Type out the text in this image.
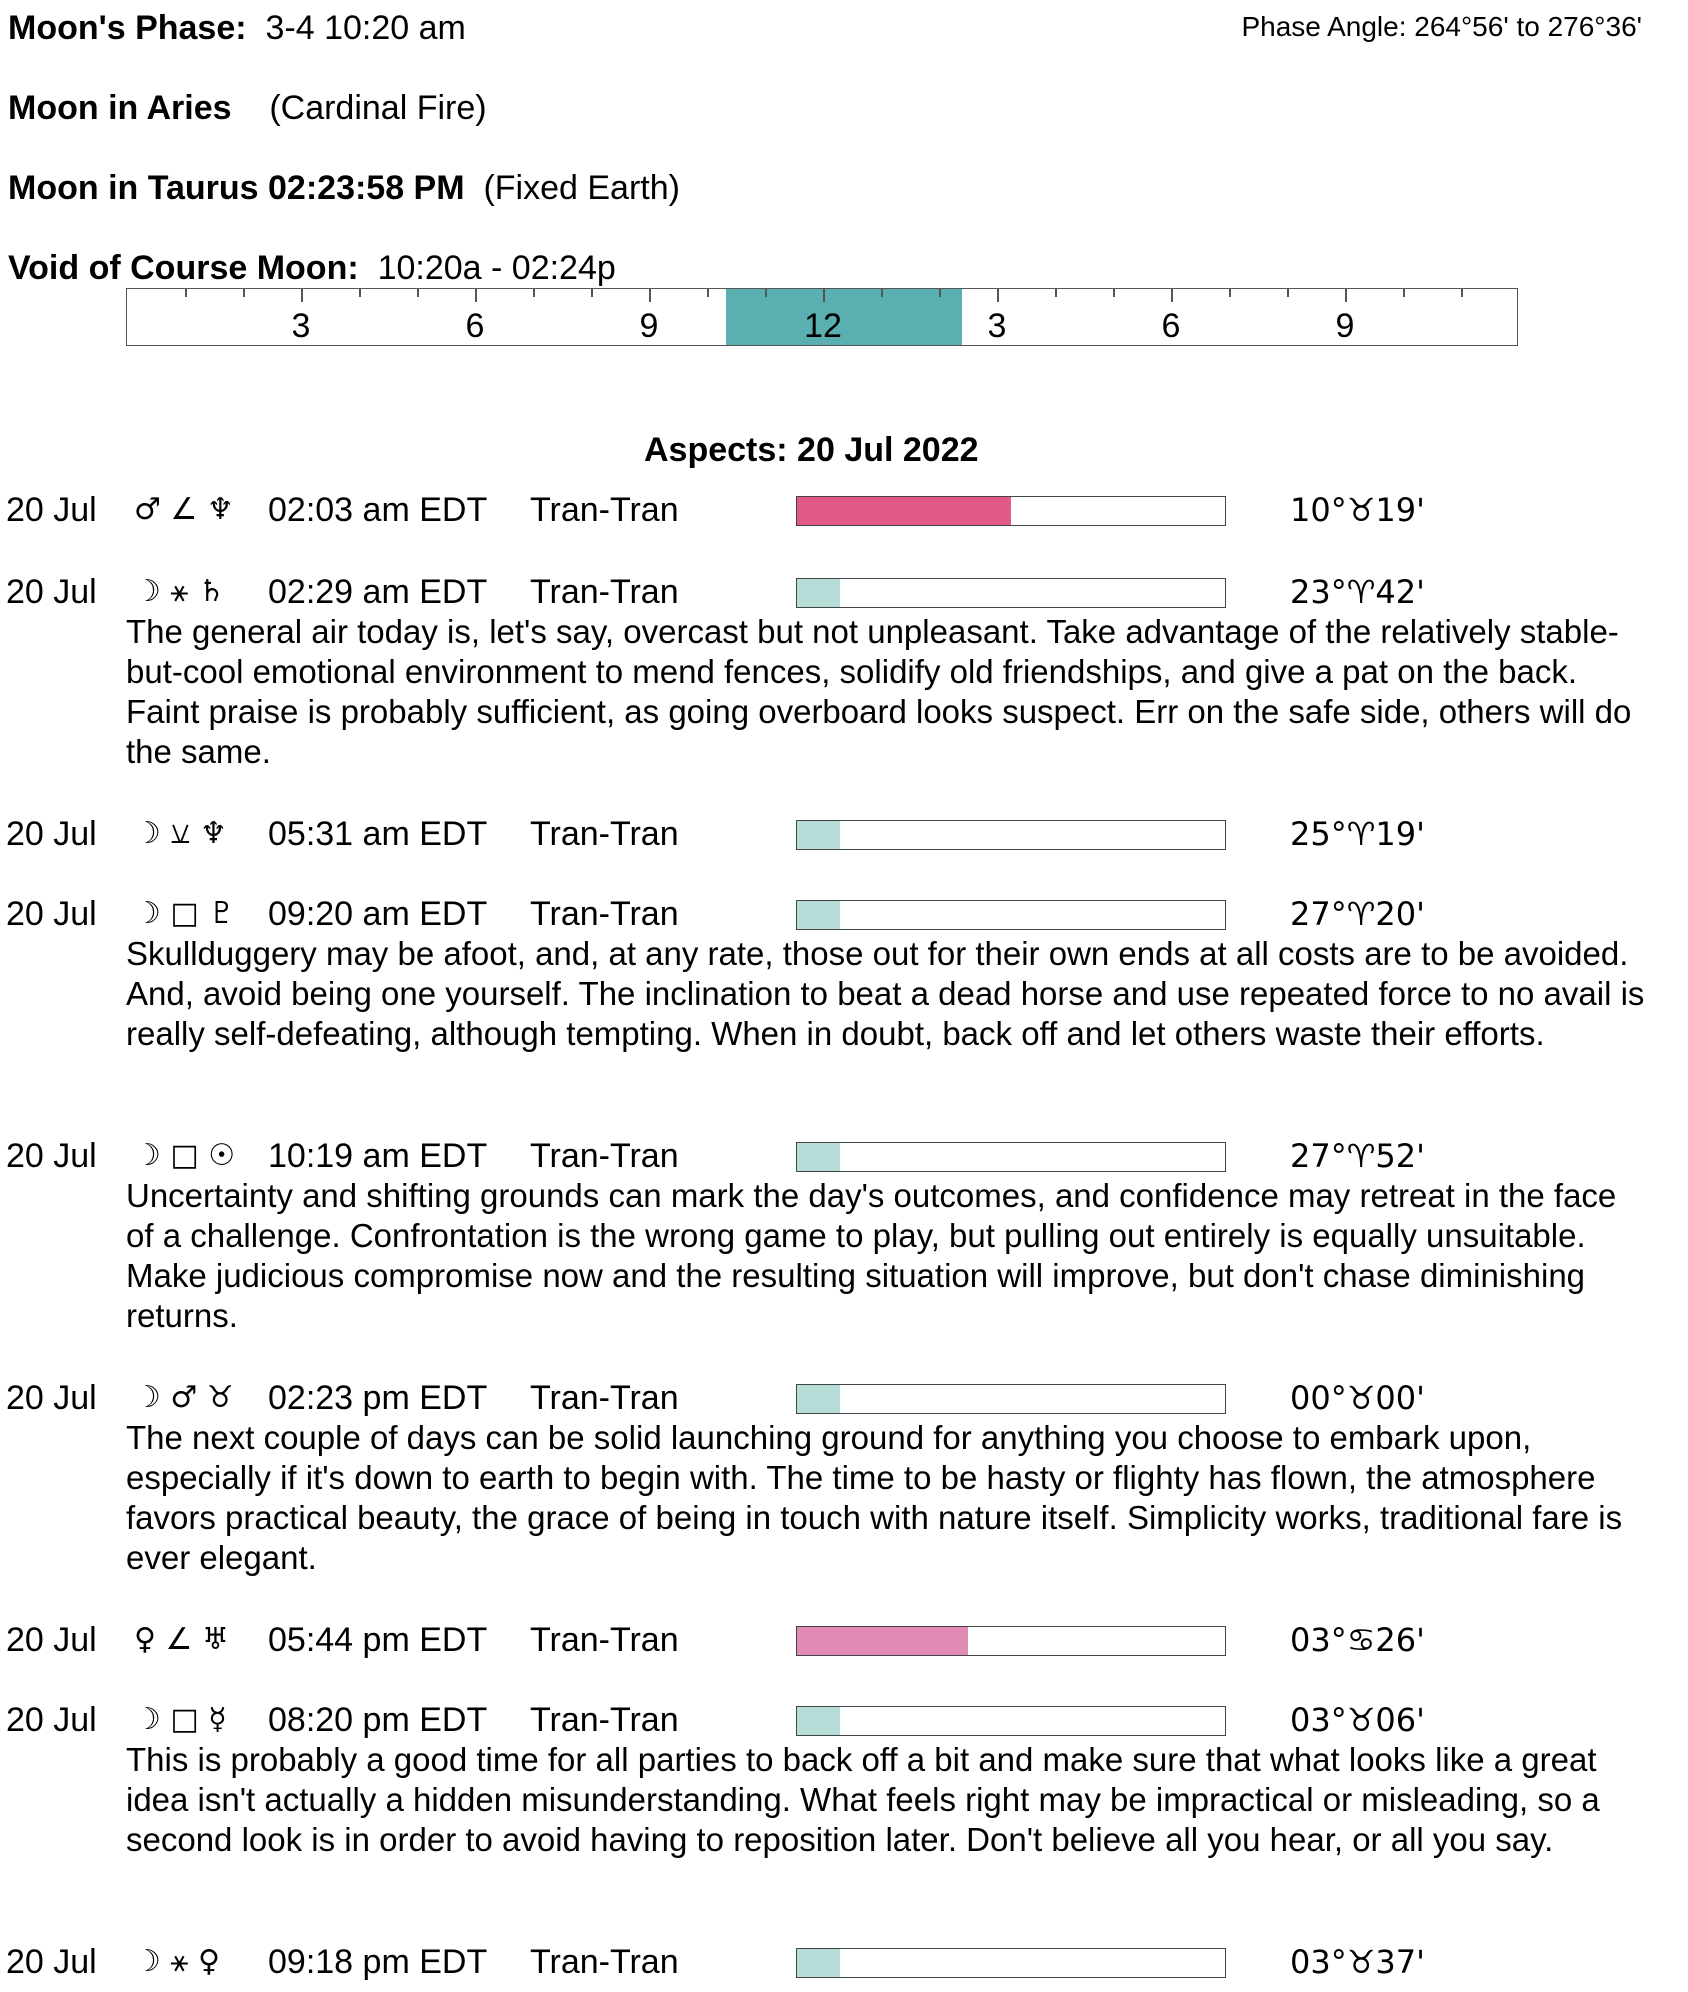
Moon's Phase: 3-4 10:20 am	Phase Angle: 264°56' to 276°36'
Moon in Aries (Cardinal Fire)
Moon in Taurus 02:23:58 PM (Fixed Earth)
Void of Course Moon: 10:20a - 02:24p
3	6	9	12	3	6	9
Aspects: 20 Jul 2022
20 Jul ♂ ∠ ♆ 02:03 am EDT Tran-Tran	10°♉19'
20 Jul ☽ ⚹ ♄ 02:29 am EDT Tran-Tran	23°♈42'
The general air today is, let's say, overcast but not unpleasant. Take advantage of the relatively stable-but-cool emotional environment to mend fences, solidify old friendships, and give a pat on the back. Faint praise is probably sufficient, as going overboard looks suspect. Err on the safe side, others will do the same.
20 Jul ☽ ⚺ ♆ 05:31 am EDT Tran-Tran	25°♈19'
20 Jul ☽ □ ♇ 09:20 am EDT Tran-Tran	27°♈20'
Skullduggery may be afoot, and, at any rate, those out for their own ends at all costs are to be avoided. And, avoid being one yourself. The inclination to beat a dead horse and use repeated force to no avail is really self-defeating, although tempting. When in doubt, back off and let others waste their efforts.
20 Jul ☽ □ ☉ 10:19 am EDT Tran-Tran	27°♈52'
Uncertainty and shifting grounds can mark the day's outcomes, and confidence may retreat in the face of a challenge. Confrontation is the wrong game to play, but pulling out entirely is equally unsuitable. Make judicious compromise now and the resulting situation will improve, but don't chase diminishing returns.
20 Jul ☽ ♂ ♉ 02:23 pm EDT Tran-Tran	00°♉00'
The next couple of days can be solid launching ground for anything you choose to embark upon, especially if it's down to earth to begin with. The time to be hasty or flighty has flown, the atmosphere favors practical beauty, the grace of being in touch with nature itself. Simplicity works, traditional fare is ever elegant.
20 Jul ♀ ∠ ♅ 05:44 pm EDT Tran-Tran	03°♋26'
20 Jul ☽ □ ☿ 08:20 pm EDT Tran-Tran	03°♉06'
This is probably a good time for all parties to back off a bit and make sure that what looks like a great idea isn't actually a hidden misunderstanding. What feels right may be impractical or misleading, so a second look is in order to avoid having to reposition later. Don't believe all you hear, or all you say.
20 Jul ☽ ⚹ ♀ 09:18 pm EDT Tran-Tran	03°♉37'
